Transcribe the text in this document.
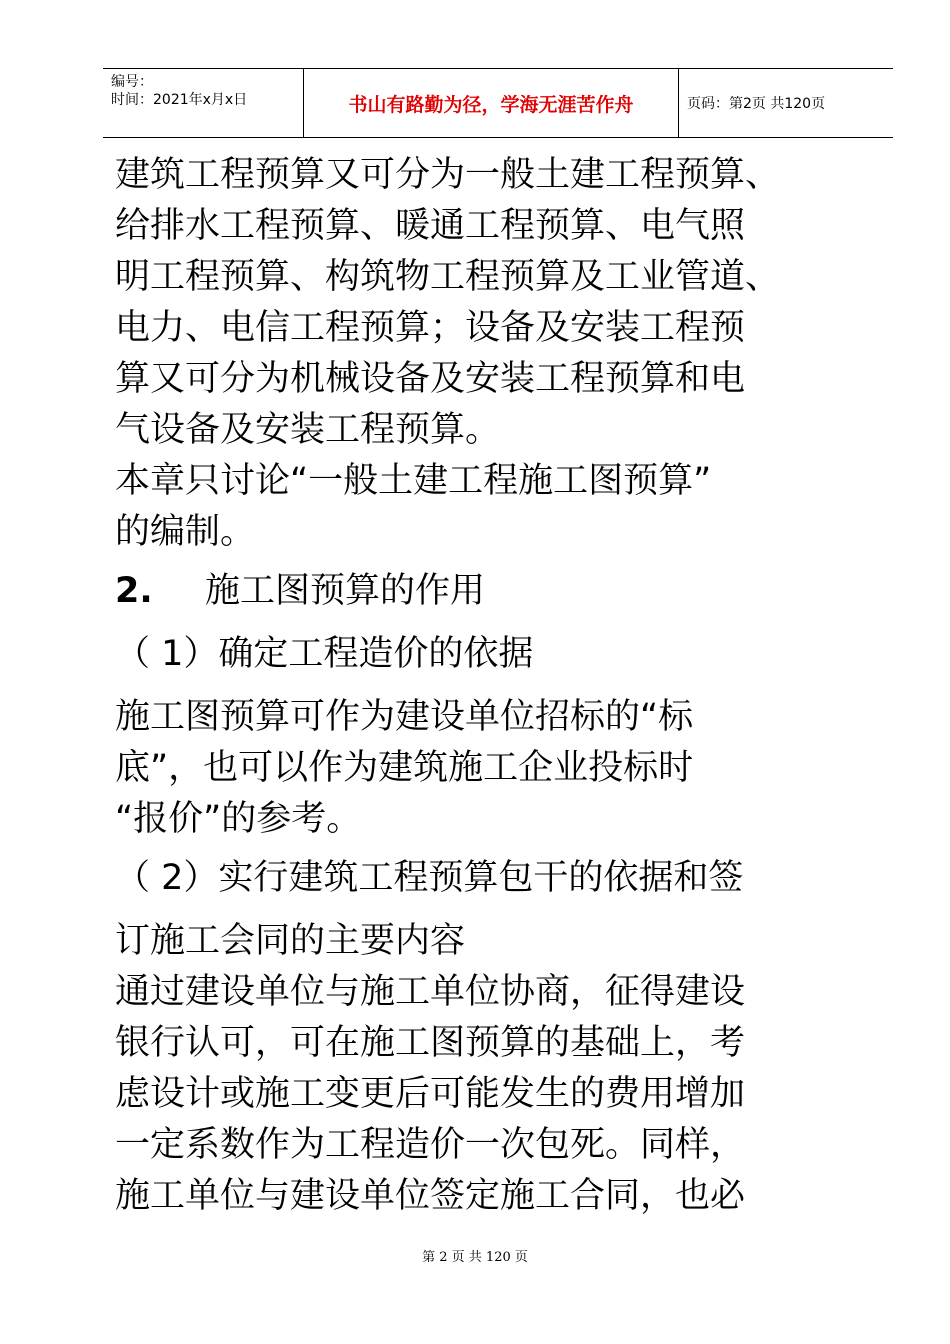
编号：
时间：2021年x月x日	书山有路勤为径，学海无涯苦作舟	页码：第2页 共120页
建筑工程预算又可分为一般土建工程预算、
给排水工程预算、暖通工程预算、电气照
明工程预算、构筑物工程预算及工业管道、
电力、电信工程预算；设备及安装工程预
算又可分为机械设备及安装工程预算和电
气设备及安装工程预算。
本章只讨论“一般土建工程施工图预算”
的编制。
2.	施工图预算的作用
（ 1）确定工程造价的依据
施工图预算可作为建设单位招标的“标
底”，也可以作为建筑施工企业投标时
“报价”的参考。
（ 2）实行建筑工程预算包干的依据和签
订施工会同的主要内容
通过建设单位与施工单位协商，征得建设
银行认可，可在施工图预算的基础上，考
虑设计或施工变更后可能发生的费用增加
一定系数作为工程造价一次包死。同样，
施工单位与建设单位签定施工合同，也必
第 2 页 共 120 页
